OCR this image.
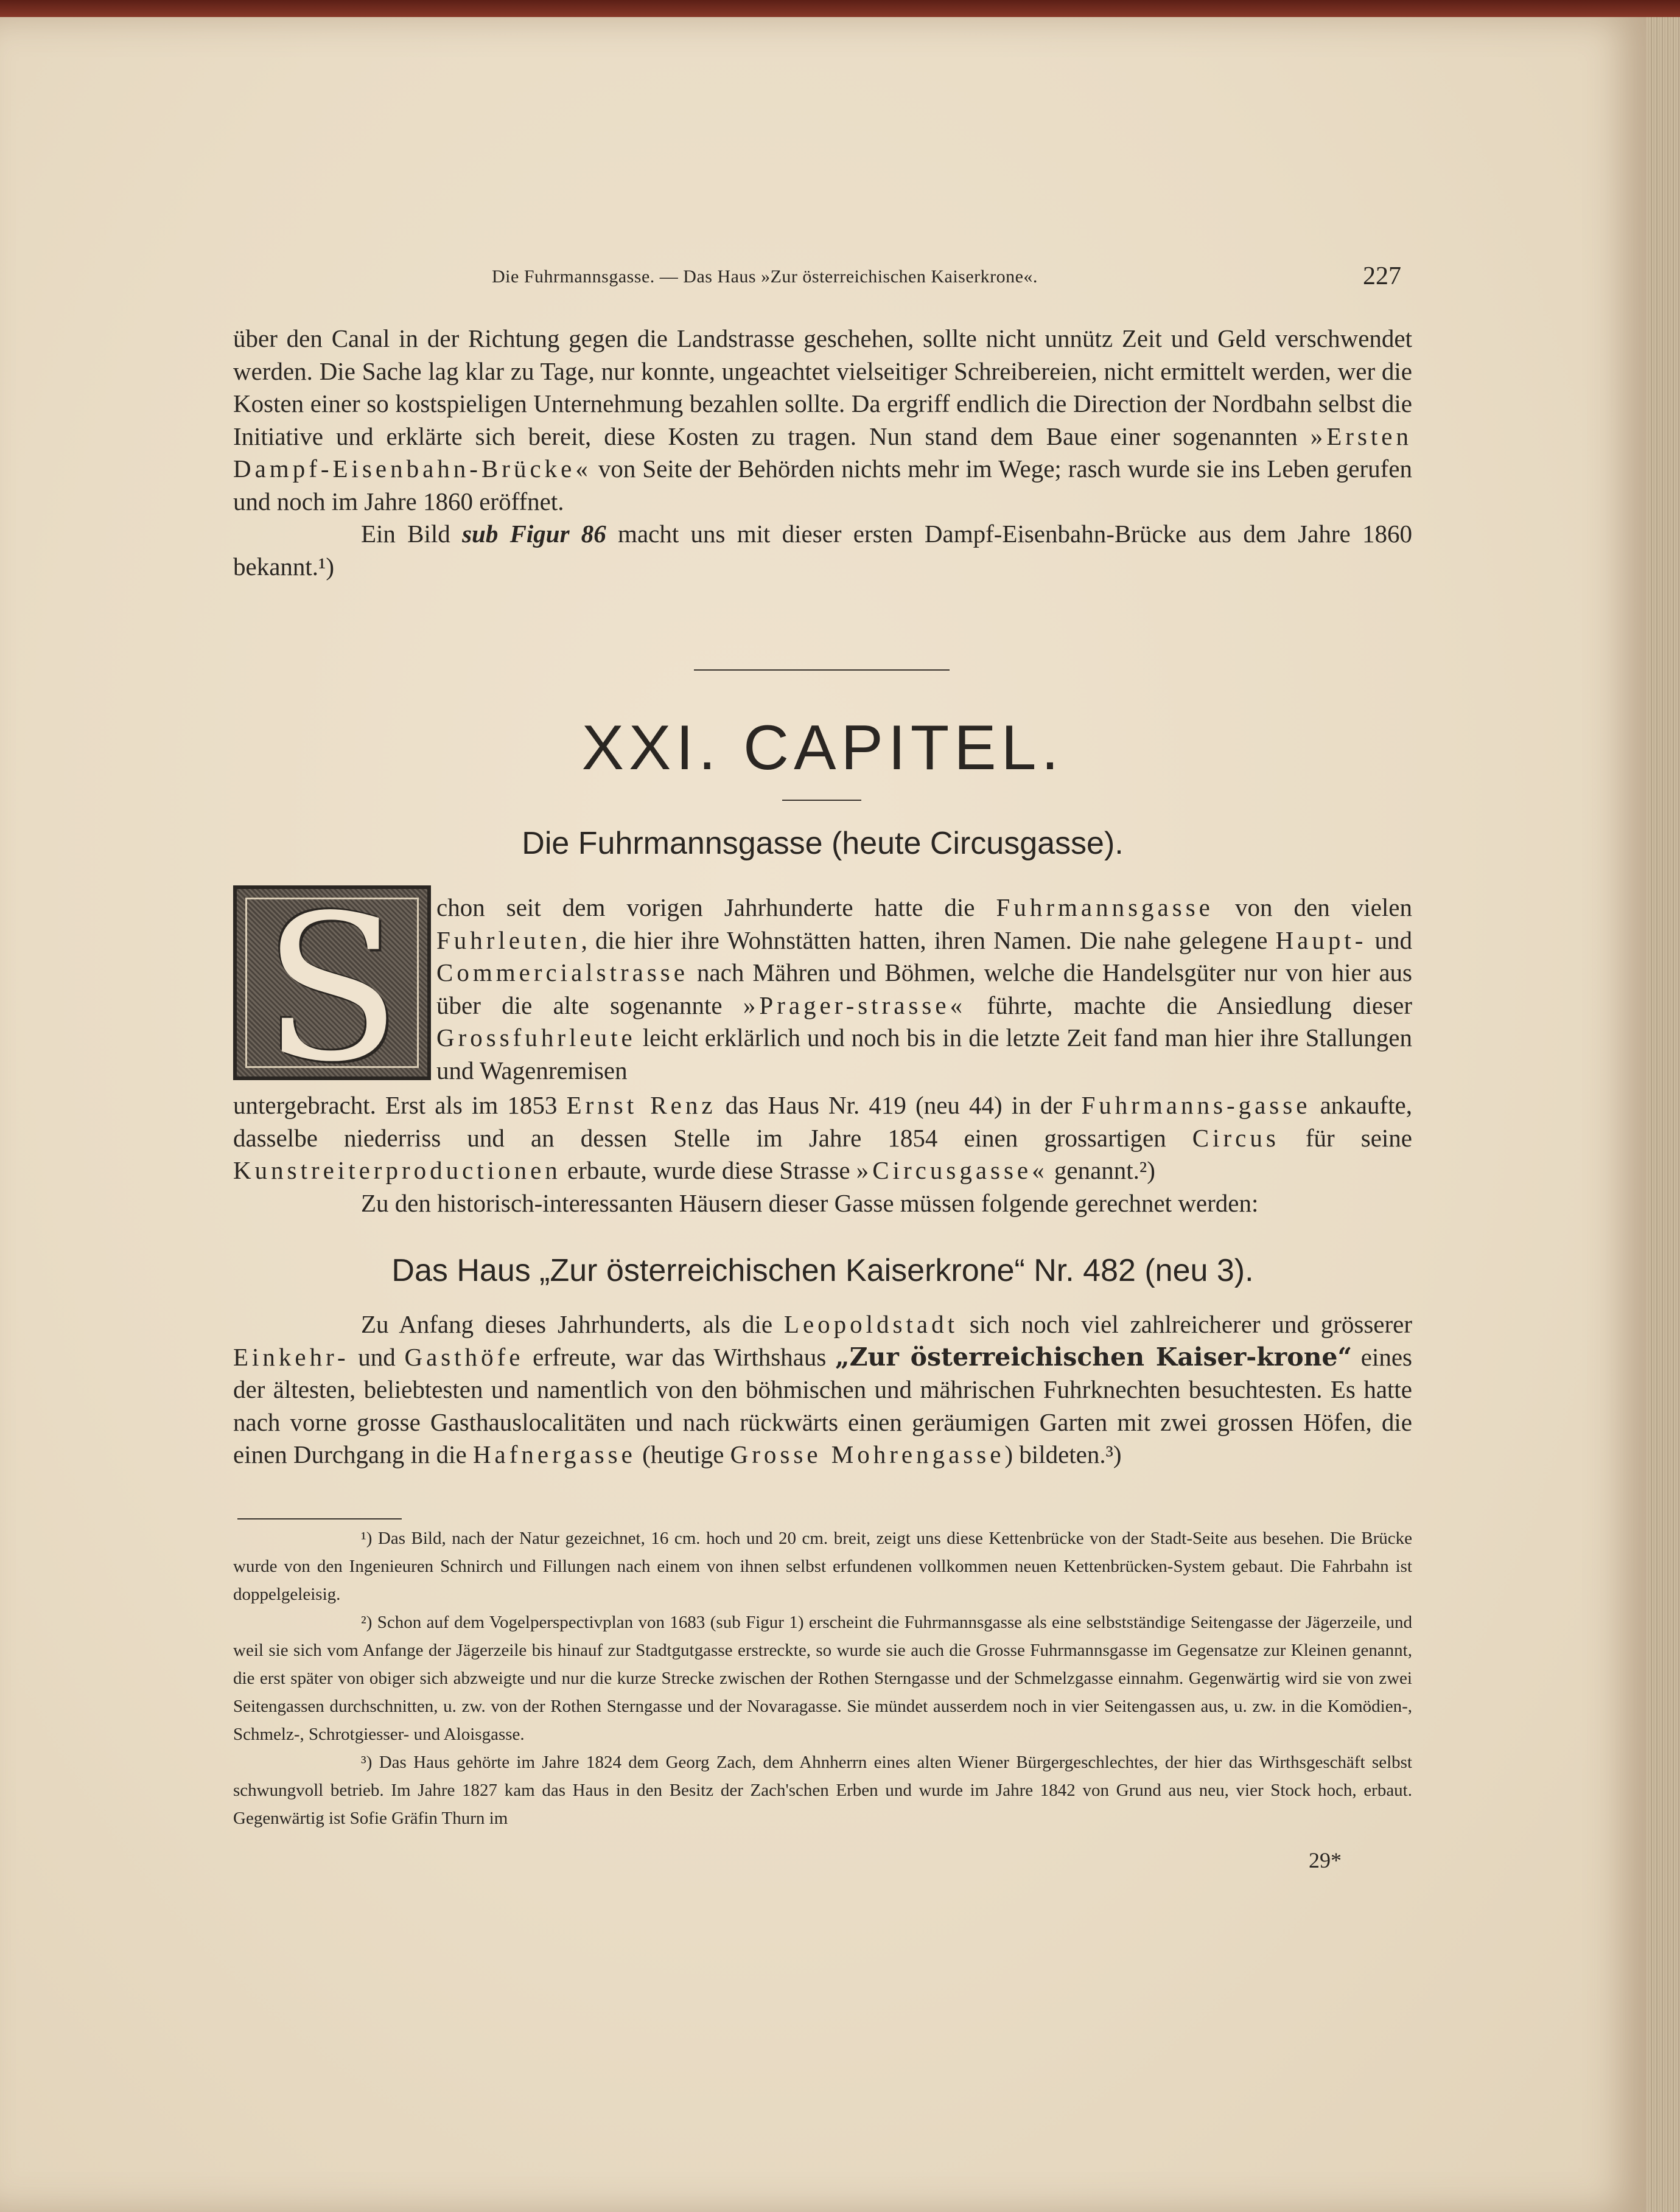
Die Fuhrmannsgasse. — Das Haus »Zur österreichischen Kaiserkrone«.	227

über den Canal in der Richtung gegen die Landstrasse geschehen, sollte nicht unnütz Zeit und Geld verschwendet werden. Die Sache lag klar zu Tage, nur konnte, ungeachtet vielseitiger Schreibereien, nicht ermittelt werden, wer die Kosten einer so kostspieligen Unternehmung bezahlen sollte. Da ergriff endlich die Direction der Nordbahn selbst die Initiative und erklärte sich bereit, diese Kosten zu tragen. Nun stand dem Baue einer sogenannten »Ersten Dampf-Eisenbahn-Brücke« von Seite der Behörden nichts mehr im Wege; rasch wurde sie ins Leben gerufen und noch im Jahre 1860 eröffnet.

Ein Bild sub Figur 86 macht uns mit dieser ersten Dampf-Eisenbahn-Brücke aus dem Jahre 1860 bekannt.¹)

XXI. CAPITEL.
Die Fuhrmannsgasse (heute Circusgasse).
S	chon seit dem vorigen Jahrhunderte hatte die Fuhrmannsgasse von den vielen Fuhrleuten, die hier ihre Wohnstätten hatten, ihren Namen. Die nahe gelegene Haupt- und Commercialstrasse nach Mähren und Böhmen, welche die Handelsgüter nur von hier aus über die alte sogenannte »Prager-strasse« führte, machte die Ansiedlung dieser Grossfuhrleute leicht erklärlich und noch bis in die letzte Zeit fand man hier ihre Stallungen und Wagenremisen

untergebracht. Erst als im 1853 Ernst Renz das Haus Nr. 419 (neu 44) in der Fuhrmanns-gasse ankaufte, dasselbe niederriss und an dessen Stelle im Jahre 1854 einen grossartigen Circus für seine Kunstreiterproductionen erbaute, wurde diese Strasse »Circusgasse« genannt.²)

Zu den historisch-interessanten Häusern dieser Gasse müssen folgende gerechnet werden:

Das Haus „Zur österreichischen Kaiserkrone“ Nr. 482 (neu 3).

Zu Anfang dieses Jahrhunderts, als die Leopoldstadt sich noch viel zahlreicherer und grösserer Einkehr- und Gasthöfe erfreute, war das Wirthshaus „Zur österreichischen Kaiser-krone“ eines der ältesten, beliebtesten und namentlich von den böhmischen und mährischen Fuhrknechten besuchtesten. Es hatte nach vorne grosse Gasthauslocalitäten und nach rückwärts einen geräumigen Garten mit zwei grossen Höfen, die einen Durchgang in die Hafnergasse (heutige Grosse Mohrengasse) bildeten.³)

¹) Das Bild, nach der Natur gezeichnet, 16 cm. hoch und 20 cm. breit, zeigt uns diese Kettenbrücke von der Stadt-Seite aus besehen. Die Brücke wurde von den Ingenieuren Schnirch und Fillungen nach einem von ihnen selbst erfundenen vollkommen neuen Kettenbrücken-System gebaut. Die Fahrbahn ist doppelgeleisig.

²) Schon auf dem Vogelperspectivplan von 1683 (sub Figur 1) erscheint die Fuhrmannsgasse als eine selbstständige Seitengasse der Jägerzeile, und weil sie sich vom Anfange der Jägerzeile bis hinauf zur Stadtgutgasse erstreckte, so wurde sie auch die Grosse Fuhrmannsgasse im Gegensatze zur Kleinen genannt, die erst später von obiger sich abzweigte und nur die kurze Strecke zwischen der Rothen Sterngasse und der Schmelzgasse einnahm. Gegenwärtig wird sie von zwei Seitengassen durchschnitten, u. zw. von der Rothen Sterngasse und der Novaragasse. Sie mündet ausserdem noch in vier Seitengassen aus, u. zw. in die Komödien-, Schmelz-, Schrotgiesser- und Aloisgasse.

³) Das Haus gehörte im Jahre 1824 dem Georg Zach, dem Ahnherrn eines alten Wiener Bürgergeschlechtes, der hier das Wirthsgeschäft selbst schwungvoll betrieb. Im Jahre 1827 kam das Haus in den Besitz der Zach'schen Erben und wurde im Jahre 1842 von Grund aus neu, vier Stock hoch, erbaut. Gegenwärtig ist Sofie Gräfin Thurn im

29*
